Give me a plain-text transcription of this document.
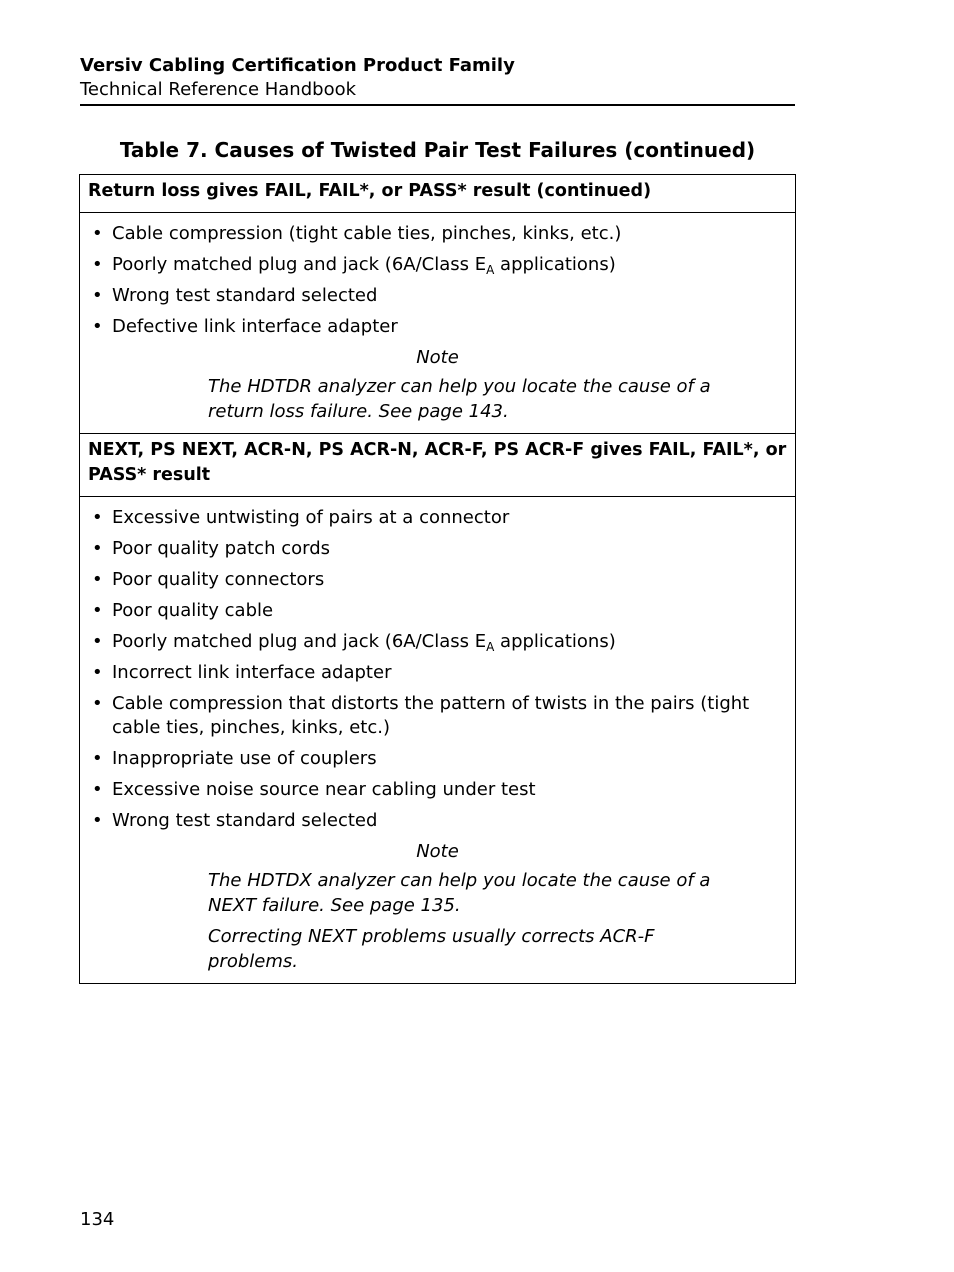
Versiv Cabling Certification Product Family
Technical Reference Handbook
Table 7. Causes of Twisted Pair Test Failures (continued)
Return loss gives FAIL, FAIL*, or PASS* result (continued)
• Cable compression (tight cable ties, pinches, kinks, etc.)
• Poorly matched plug and jack (6A/Class $E_A$ applications)
• Wrong test standard selected
• Defective link interface adapter
Note
The HDTDR analyzer can help you locate the cause of a return loss failure. See page 143.
NEXT, PS NEXT, ACR-N, PS ACR-N, ACR-F, PS ACR-F gives FAIL, FAIL*, or PASS* result
• Excessive untwisting of pairs at a connector
• Poor quality patch cords
• Poor quality connectors
• Poor quality cable
• Poorly matched plug and jack (6A/Class $E_A$ applications)
• Incorrect link interface adapter
• Cable compression that distorts the pattern of twists in the pairs (tight cable ties, pinches, kinks, etc.)
• Inappropriate use of couplers
• Excessive noise source near cabling under test
• Wrong test standard selected
Note
The HDTDX analyzer can help you locate the cause of a NEXT failure. See page 135.
Correcting NEXT problems usually corrects ACR-F problems.
134
